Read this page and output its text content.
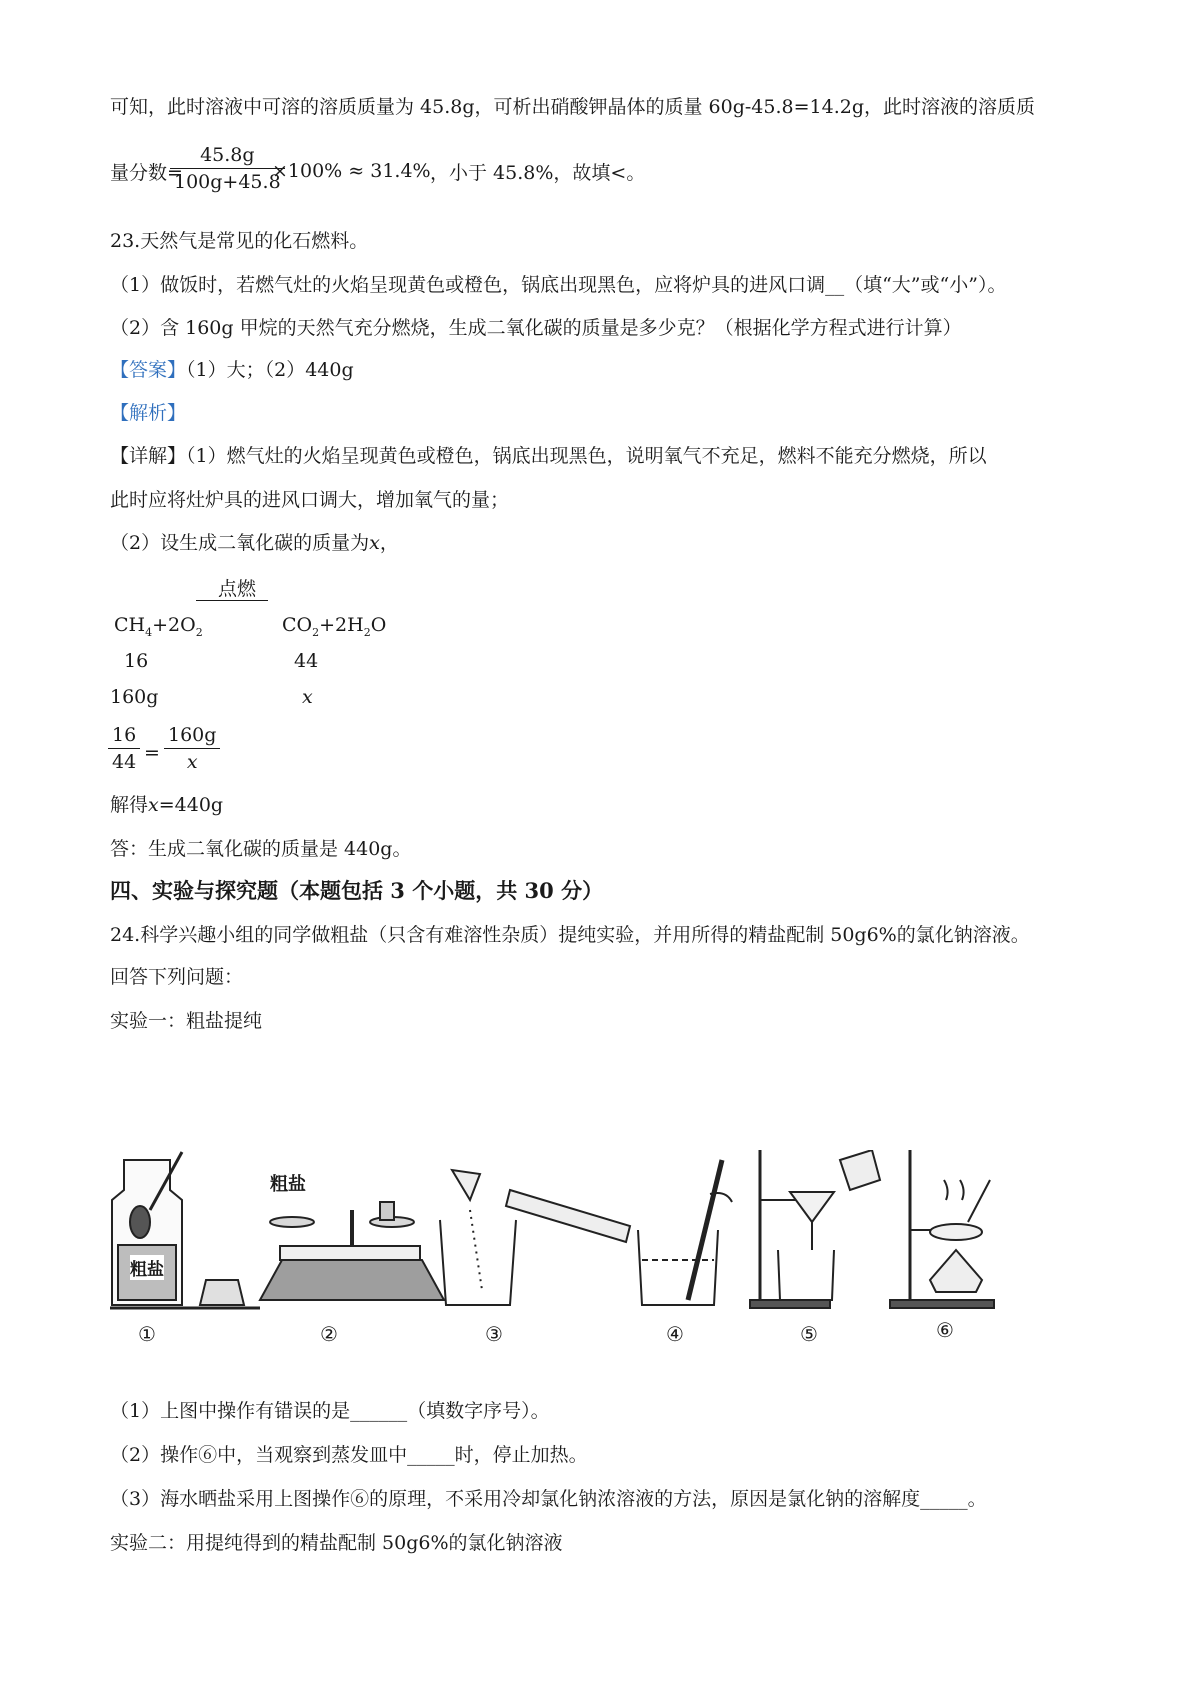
可知，此时溶液中可溶的溶质质量为 45.8g，可析出硝酸钾晶体的质量 60g-45.8=14.2g，此时溶液的溶质质
量分数=
$\frac{45.8g}{100g+45.8}$
×100% ≈ 31.4% ，小于 45.8%，故填<。
23.天然气是常见的化石燃料。
（1）做饭时，若燃气灶的火焰呈现黄色或橙色，锅底出现黑色，应将炉具的进风口调__（填“大”或“小”）。
（2）含 160g 甲烷的天然气充分燃烧，生成二氧化碳的质量是多少克？（根据化学方程式进行计算）
【答案】（1）大；（2）440g
【解析】
【详解】（1）燃气灶的火焰呈现黄色或橙色，锅底出现黑色，说明氧气不充足，燃料不能充分燃烧，所以
此时应将灶炉具的进风口调大，增加氧气的量；
（2）设生成二氧化碳的质量为x，
点燃
$CH_4+2O_2$	$CO_2+2H_2O$
16	44
160g	x
$\frac{16}{44} = \frac{160g}{x}$
解得x=440g
答：生成二氧化碳的质量是 440g。
四、实验与探究题（本题包括 3 个小题，共 30 分）
24.科学兴趣小组的同学做粗盐（只含有难溶性杂质）提纯实验，并用所得的精盐配制 50g6%的氯化钠溶液。
回答下列问题：
实验一：粗盐提纯
粗盐
粗盐
①	②	③	④	⑤	⑥
（1）上图中操作有错误的是______（填数字序号）。
（2）操作⑥中，当观察到蒸发皿中_____时，停止加热。
（3）海水晒盐采用上图操作⑥的原理，不采用冷却氯化钠浓溶液的方法，原因是氯化钠的溶解度_____。
实验二：用提纯得到的精盐配制 50g6%的氯化钠溶液
